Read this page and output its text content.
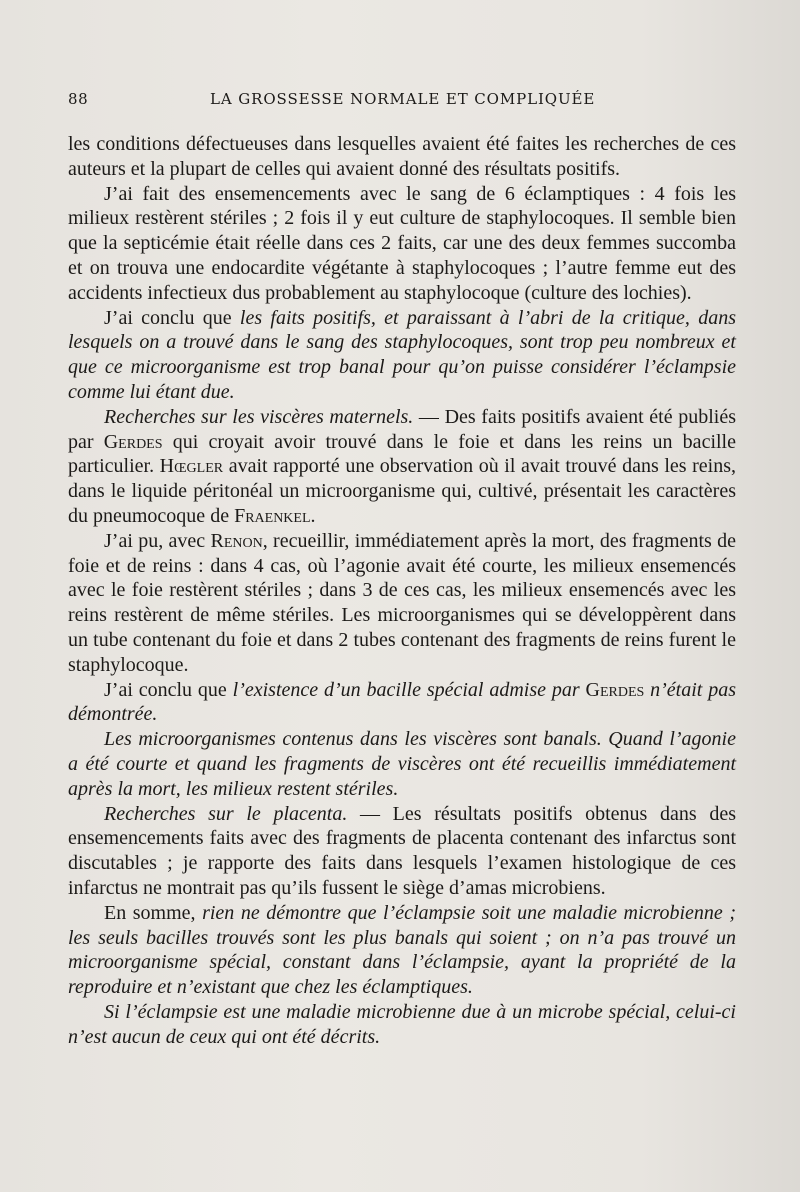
88	LA GROSSESSE NORMALE ET COMPLIQUÉE

les conditions défectueuses dans lesquelles avaient été faites les recherches de ces auteurs et la plupart de celles qui avaient donné des résultats positifs.

J’ai fait des ensemencements avec le sang de 6 éclamptiques : 4 fois les milieux restèrent stériles ; 2 fois il y eut culture de staphylocoques. Il semble bien que la septicémie était réelle dans ces 2 faits, car une des deux femmes succomba et on trouva une endocardite végétante à staphylocoques ; l’autre femme eut des accidents infectieux dus probablement au staphylocoque (culture des lochies).

J’ai conclu que les faits positifs, et paraissant à l’abri de la critique, dans lesquels on a trouvé dans le sang des staphylocoques, sont trop peu nombreux et que ce microorganisme est trop banal pour qu’on puisse considérer l’éclampsie comme lui étant due.

Recherches sur les viscères maternels. — Des faits positifs avaient été publiés par Gerdes qui croyait avoir trouvé dans le foie et dans les reins un bacille particulier. Hœgler avait rapporté une observation où il avait trouvé dans les reins, dans le liquide péritonéal un microorganisme qui, cultivé, présentait les caractères du pneumocoque de Fraenkel.

J’ai pu, avec Renon, recueillir, immédiatement après la mort, des fragments de foie et de reins : dans 4 cas, où l’agonie avait été courte, les milieux ensemencés avec le foie restèrent stériles ; dans 3 de ces cas, les milieux ensemencés avec les reins restèrent de même stériles. Les microorganismes qui se développèrent dans un tube contenant du foie et dans 2 tubes contenant des fragments de reins furent le staphylocoque.

J’ai conclu que l’existence d’un bacille spécial admise par Gerdes n’était pas démontrée.

Les microorganismes contenus dans les viscères sont banals. Quand l’agonie a été courte et quand les fragments de viscères ont été recueillis immédiatement après la mort, les milieux restent stériles.

Recherches sur le placenta. — Les résultats positifs obtenus dans des ensemencements faits avec des fragments de placenta contenant des infarctus sont discutables ; je rapporte des faits dans lesquels l’examen histologique de ces infarctus ne montrait pas qu’ils fussent le siège d’amas microbiens.

En somme, rien ne démontre que l’éclampsie soit une maladie microbienne ; les seuls bacilles trouvés sont les plus banals qui soient ; on n’a pas trouvé un microorganisme spécial, constant dans l’éclampsie, ayant la propriété de la reproduire et n’existant que chez les éclamptiques.

Si l’éclampsie est une maladie microbienne due à un microbe spécial, celui-ci n’est aucun de ceux qui ont été décrits.
